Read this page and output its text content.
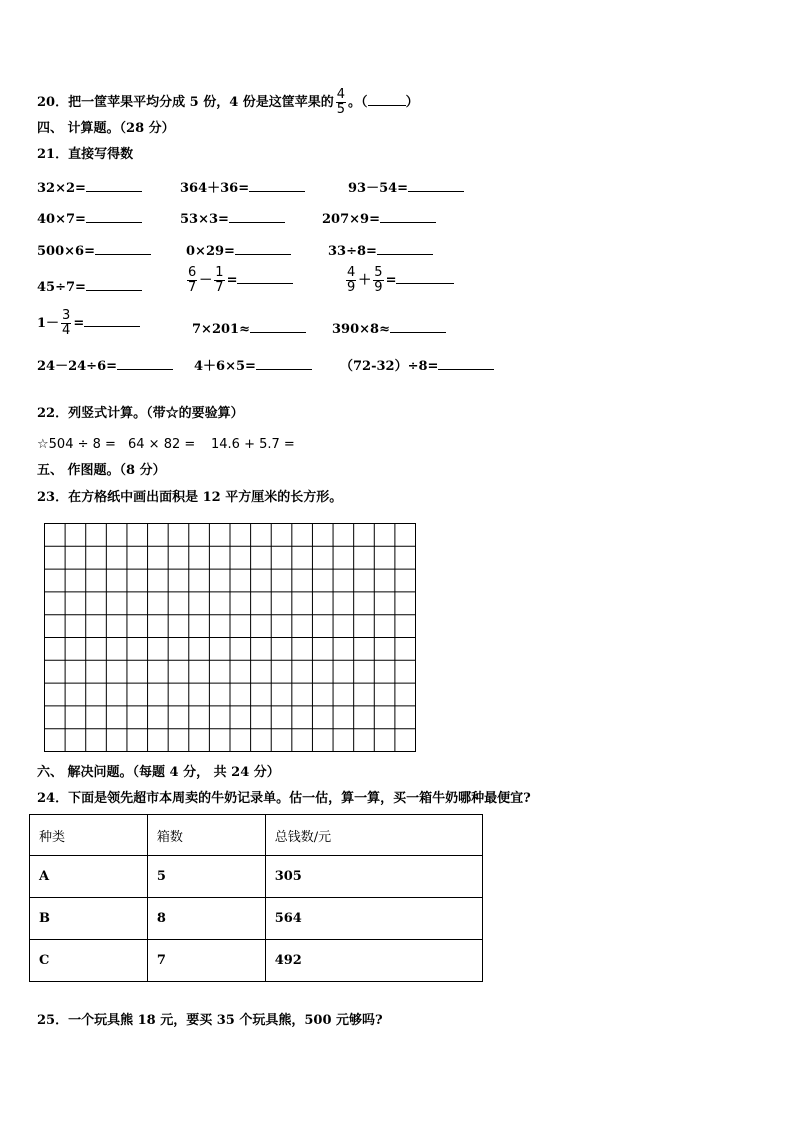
20．把一筐苹果平均分成 5 份，4 份是这筐苹果的 $\frac{4}{5}$ 。（	）
四、 计算题。（28 分）
21．直接写得数
32×2=	364＋36=	93－54=
40×7=	53×3=	207×9=
500×6=	0×29=	33÷8=
45÷7=	$\frac{6}{7} - \frac{1}{7}$ =	$\frac{4}{9} + \frac{5}{9}$ =
$1- \frac{3}{4}$ =	7×201≈	390×8≈
24－24÷6=	4＋6×5=	（72-32）÷8=
22．列竖式计算。（带☆的要验算）
☆504 ÷ 8 = 64 × 82 = 14.6 + 5.7 =
五、 作图题。（8 分）
23．在方格纸中画出面积是 12 平方厘米的长方形。
六、 解决问题。（每题 4 分， 共 24 分）
24．下面是领先超市本周卖的牛奶记录单。估一估，算一算，买一箱牛奶哪种最便宜?
种类	箱数	总钱数/元
A	5	305
B	8	564
C	7	492
25．一个玩具熊 18 元，要买 35 个玩具熊，500 元够吗?
